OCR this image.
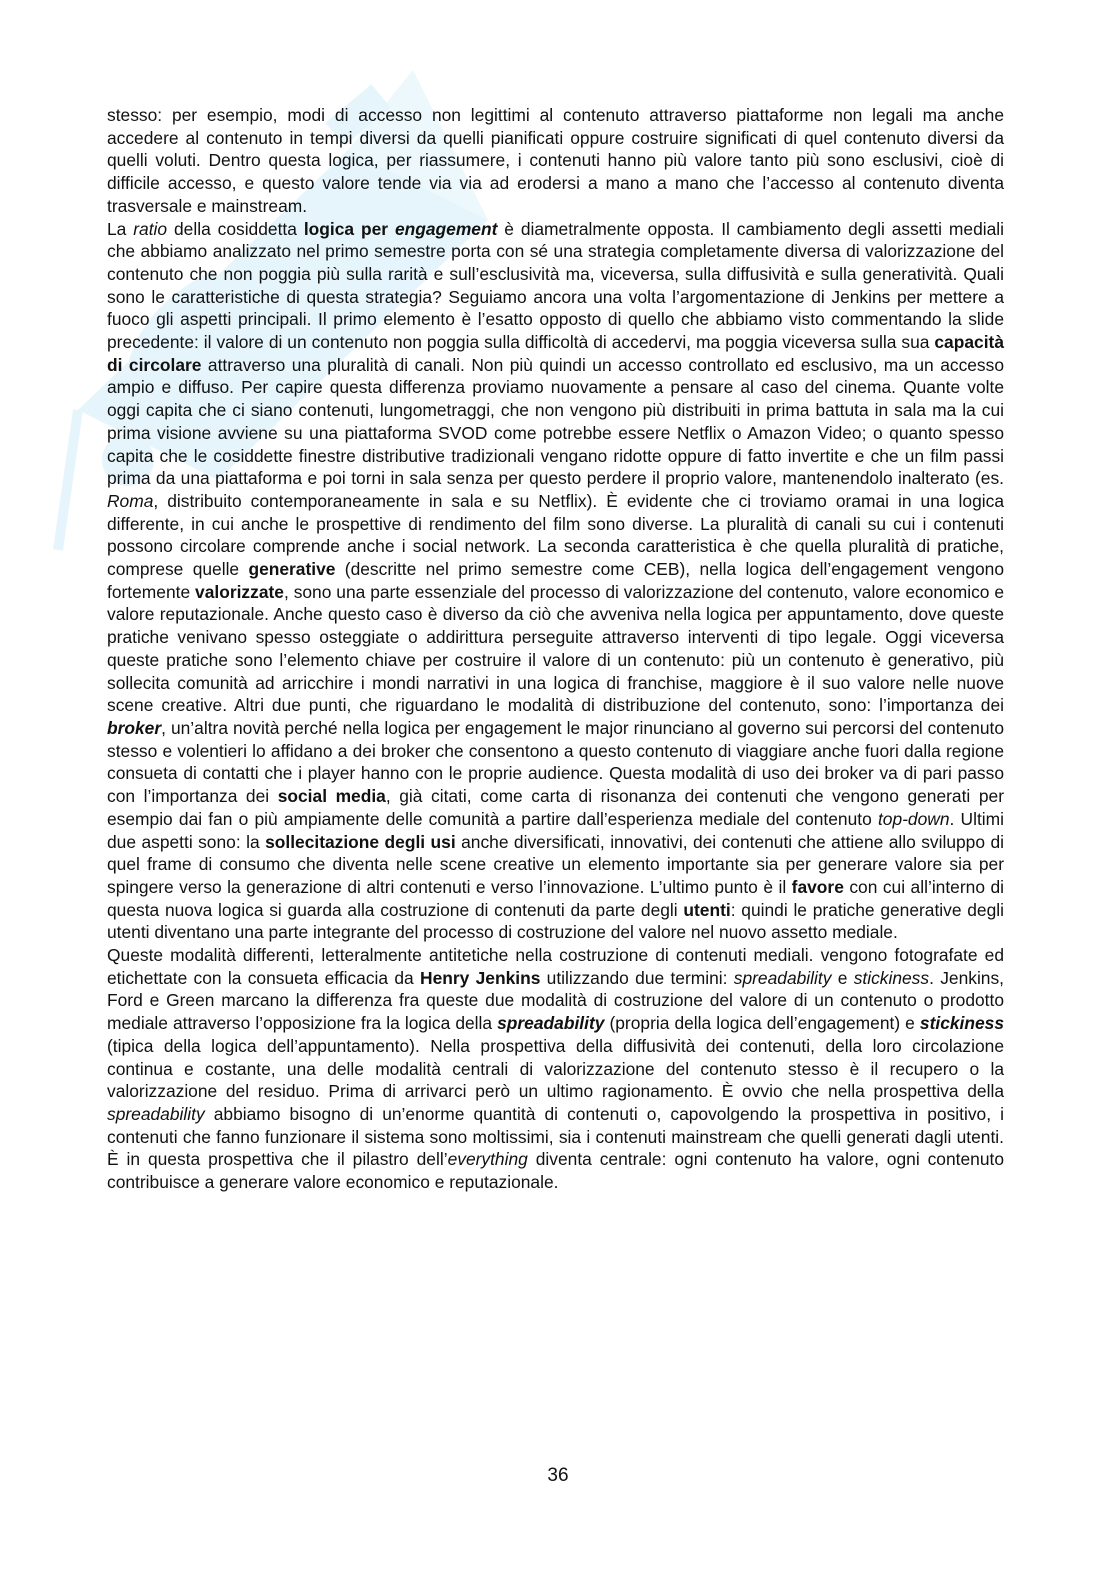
stesso: per esempio, modi di accesso non legittimi al contenuto attraverso piattaforme non legali ma anche accedere al contenuto in tempi diversi da quelli pianificati oppure costruire significati di quel contenuto diversi da quelli voluti. Dentro questa logica, per riassumere, i contenuti hanno più valore tanto più sono esclusivi, cioè di difficile accesso, e questo valore tende via via ad erodersi a mano a mano che l’accesso al contenuto diventa trasversale e mainstream.

La ratio della cosiddetta logica per engagement è diametralmente opposta. Il cambiamento degli assetti mediali che abbiamo analizzato nel primo semestre porta con sé una strategia completamente diversa di valorizzazione del contenuto che non poggia più sulla rarità e sull’esclusività ma, viceversa, sulla diffusività e sulla generatività. Quali sono le caratteristiche di questa strategia? Seguiamo ancora una volta l’argomentazione di Jenkins per mettere a fuoco gli aspetti principali. Il primo elemento è l’esatto opposto di quello che abbiamo visto commentando la slide precedente: il valore di un contenuto non poggia sulla difficoltà di accedervi, ma poggia viceversa sulla sua capacità di circolare attraverso una pluralità di canali. Non più quindi un accesso controllato ed esclusivo, ma un accesso ampio e diffuso. Per capire questa differenza proviamo nuovamente a pensare al caso del cinema. Quante volte oggi capita che ci siano contenuti, lungometraggi, che non vengono più distribuiti in prima battuta in sala ma la cui prima visione avviene su una piattaforma SVOD come potrebbe essere Netflix o Amazon Video; o quanto spesso capita che le cosiddette finestre distributive tradizionali vengano ridotte oppure di fatto invertite e che un film passi prima da una piattaforma e poi torni in sala senza per questo perdere il proprio valore, mantenendolo inalterato (es. Roma, distribuito contemporaneamente in sala e su Netflix). È evidente che ci troviamo oramai in una logica differente, in cui anche le prospettive di rendimento del film sono diverse. La pluralità di canali su cui i contenuti possono circolare comprende anche i social network. La seconda caratteristica è che quella pluralità di pratiche, comprese quelle generative (descritte nel primo semestre come CEB), nella logica dell’engagement vengono fortemente valorizzate, sono una parte essenziale del processo di valorizzazione del contenuto, valore economico e valore reputazionale. Anche questo caso è diverso da ciò che avveniva nella logica per appuntamento, dove queste pratiche venivano spesso osteggiate o addirittura perseguite attraverso interventi di tipo legale. Oggi viceversa queste pratiche sono l’elemento chiave per costruire il valore di un contenuto: più un contenuto è generativo, più sollecita comunità ad arricchire i mondi narrativi in una logica di franchise, maggiore è il suo valore nelle nuove scene creative. Altri due punti, che riguardano le modalità di distribuzione del contenuto, sono: l’importanza dei broker, un’altra novità perché nella logica per engagement le major rinunciano al governo sui percorsi del contenuto stesso e volentieri lo affidano a dei broker che consentono a questo contenuto di viaggiare anche fuori dalla regione consueta di contatti che i player hanno con le proprie audience. Questa modalità di uso dei broker va di pari passo con l’importanza dei social media, già citati, come carta di risonanza dei contenuti che vengono generati per esempio dai fan o più ampiamente delle comunità a partire dall’esperienza mediale del contenuto top-down. Ultimi due aspetti sono: la sollecitazione degli usi anche diversificati, innovativi, dei contenuti che attiene allo sviluppo di quel frame di consumo che diventa nelle scene creative un elemento importante sia per generare valore sia per spingere verso la generazione di altri contenuti e verso l’innovazione. L’ultimo punto è il favore con cui all’interno di questa nuova logica si guarda alla costruzione di contenuti da parte degli utenti: quindi le pratiche generative degli utenti diventano una parte integrante del processo di costruzione del valore nel nuovo assetto mediale.

Queste modalità differenti, letteralmente antitetiche nella costruzione di contenuti mediali. vengono fotografate ed etichettate con la consueta efficacia da Henry Jenkins utilizzando due termini: spreadability e stickiness. Jenkins, Ford e Green marcano la differenza fra queste due modalità di costruzione del valore di un contenuto o prodotto mediale attraverso l’opposizione fra la logica della spreadability (propria della logica dell’engagement) e stickiness (tipica della logica dell’appuntamento). Nella prospettiva della diffusività dei contenuti, della loro circolazione continua e costante, una delle modalità centrali di valorizzazione del contenuto stesso è il recupero o la valorizzazione del residuo. Prima di arrivarci però un ultimo ragionamento. È ovvio che nella prospettiva della spreadability abbiamo bisogno di un’enorme quantità di contenuti o, capovolgendo la prospettiva in positivo, i contenuti che fanno funzionare il sistema sono moltissimi, sia i contenuti mainstream che quelli generati dagli utenti. È in questa prospettiva che il pilastro dell’everything diventa centrale: ogni contenuto ha valore, ogni contenuto contribuisce a generare valore economico e reputazionale.

36
